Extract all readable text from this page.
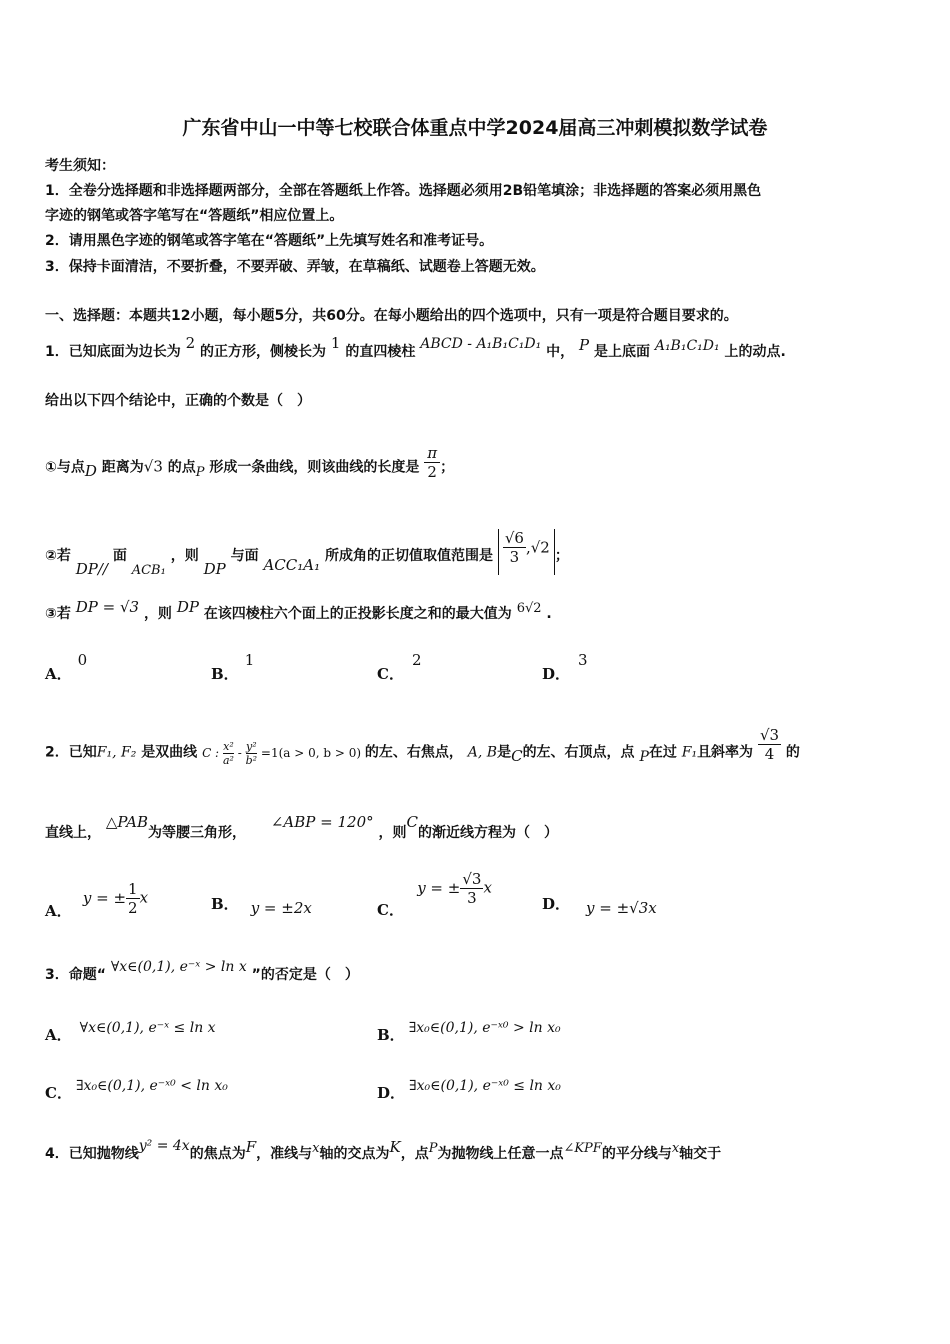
广东省中山一中等七校联合体重点中学2024届高三冲刺模拟数学试卷
考生须知：
1．全卷分选择题和非选择题两部分，全部在答题纸上作答。选择题必须用2B铅笔填涂；非选择题的答案必须用黑色
字迹的钢笔或答字笔写在“答题纸”相应位置上。
2．请用黑色字迹的钢笔或答字笔在“答题纸”上先填写姓名和准考证号。
3．保持卡面清洁，不要折叠，不要弄破、弄皱，在草稿纸、试题卷上答题无效。
一、选择题：本题共12小题，每小题5分，共60分。在每小题给出的四个选项中，只有一项是符合题目要求的。
1．已知底面为边长为 2 的正方形，侧棱长为 1 的直四棱柱 ABCD - A₁B₁C₁D₁ 中， P 是上底面 A₁B₁C₁D₁ 上的动点.
给出以下四个结论中，正确的个数是（　）
①与点D 距离为√3 的点P 形成一条曲线，则该曲线的长度是 $\frac{\pi}{2}$ ；
②若 DP// 面 ACB₁ ，则 DP 与面 ACC₁A₁ 所成角的正切值取值范围是 $\frac{√6}{3} ,√2$ ；
③若 DP = √3 ，则 DP 在该四棱柱六个面上的正投影长度之和的最大值为 6√2 .
A．0
B．1
C．2
D．3
2．已知F₁, F₂ 是双曲线 C : $\frac{\text{x²}}{\text{a²}} - \frac{\text{y²}}{\text{b²}} =1(a > 0$, b > 0) 的左、右焦点， A, B是C的左、右顶点，点 P在过 F₁且斜率为 $\frac{√3}{4}$ 的
直线上， △PAB为等腰三角形， ∠ABP = 120° ，则C的渐近线方程为（　）
A． y = ± $\frac{1}{2}$ x	B． y = ±2x	C． y = ± $\frac{√3}{3}$ x
D． y = ±√3x
3．命题“ ∀x∈(0,1), e⁻ˣ > ln x ”的否定是（　）
A． ∀x∈(0,1), e⁻ˣ ≤ ln x	B． ∃x₀∈(0,1), e⁻ˣ⁰ > ln x₀
C． ∃x₀∈(0,1), e⁻ˣ⁰ < ln x₀	D． ∃x₀∈(0,1), e⁻ˣ⁰ ≤ ln x₀
4．已知抛物线y² = 4x的焦点为F，准线与x轴的交点为K，点P为抛物线上任意一点∠KPF的平分线与x轴交于
